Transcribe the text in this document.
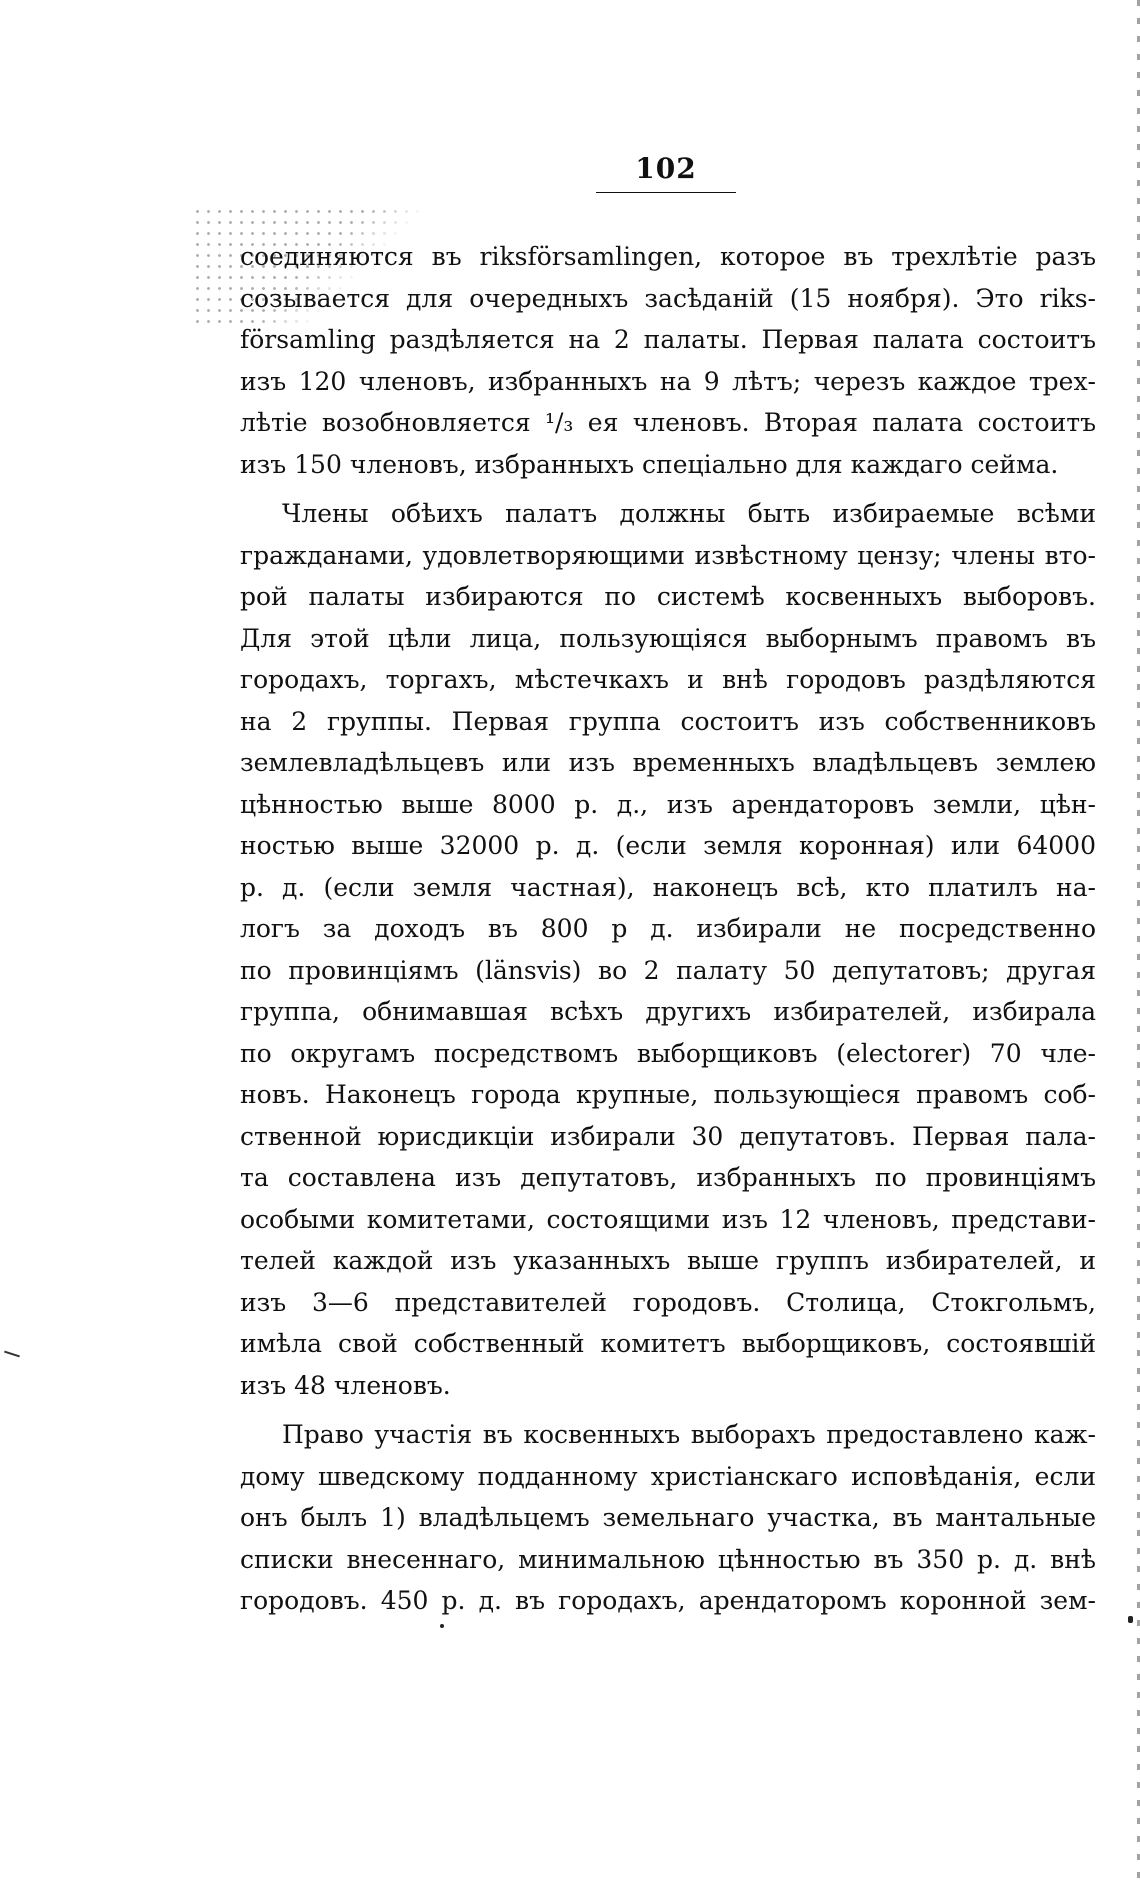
102
соединяются въ riksförsamlingen, которое въ трехлѣтіе разъ
созывается для очередныхъ засѣданій (15 ноября). Это riks-
församling раздѣляется на 2 палаты. Первая палата состоитъ
изъ 120 членовъ, избранныхъ на 9 лѣтъ; черезъ каждое трех-
лѣтіе возобновляется ¹/₃ ея членовъ. Вторая палата состоитъ
изъ 150 членовъ, избранныхъ спеціально для каждаго сейма.
Члены обѣихъ палатъ должны быть избираемые всѣми
гражданами, удовлетворяющими извѣстному цензу; члены вто-
рой палаты избираются по системѣ косвенныхъ выборовъ.
Для этой цѣли лица, пользующіяся выборнымъ правомъ въ
городахъ, торгахъ, мѣстечкахъ и внѣ городовъ раздѣляются
на 2 группы. Первая группа состоитъ изъ собственниковъ
землевладѣльцевъ или изъ временныхъ владѣльцевъ землею
цѣнностью выше 8000 р. д., изъ арендаторовъ земли, цѣн-
ностью выше 32000 р. д. (если земля коронная) или 64000
р. д. (если земля частная), наконецъ всѣ, кто платилъ на-
логъ за доходъ въ 800 р д. избирали не посредственно
по провинціямъ (länsvis) во 2 палату 50 депутатовъ; другая
группа, обнимавшая всѣхъ другихъ избирателей, избирала
по округамъ посредствомъ выборщиковъ (electorer) 70 чле-
новъ. Наконецъ города крупные, пользующіеся правомъ соб-
ственной юрисдикціи избирали 30 депутатовъ. Первая пала-
та составлена изъ депутатовъ, избранныхъ по провинціямъ
особыми комитетами, состоящими изъ 12 членовъ, представи-
телей каждой изъ указанныхъ выше группъ избирателей, и
изъ 3—6 представителей городовъ. Столица, Стокгольмъ,
имѣла свой собственный комитетъ выборщиковъ, состоявшій
изъ 48 членовъ.
Право участія въ косвенныхъ выборахъ предоставлено каж-
дому шведскому подданному христіанскаго исповѣданія, если
онъ былъ 1) владѣльцемъ земельнаго участка, въ мантальные
списки внесеннаго, минимальною цѣнностью въ 350 р. д. внѣ
городовъ. 450 р. д. въ городахъ, арендаторомъ коронной зем-
